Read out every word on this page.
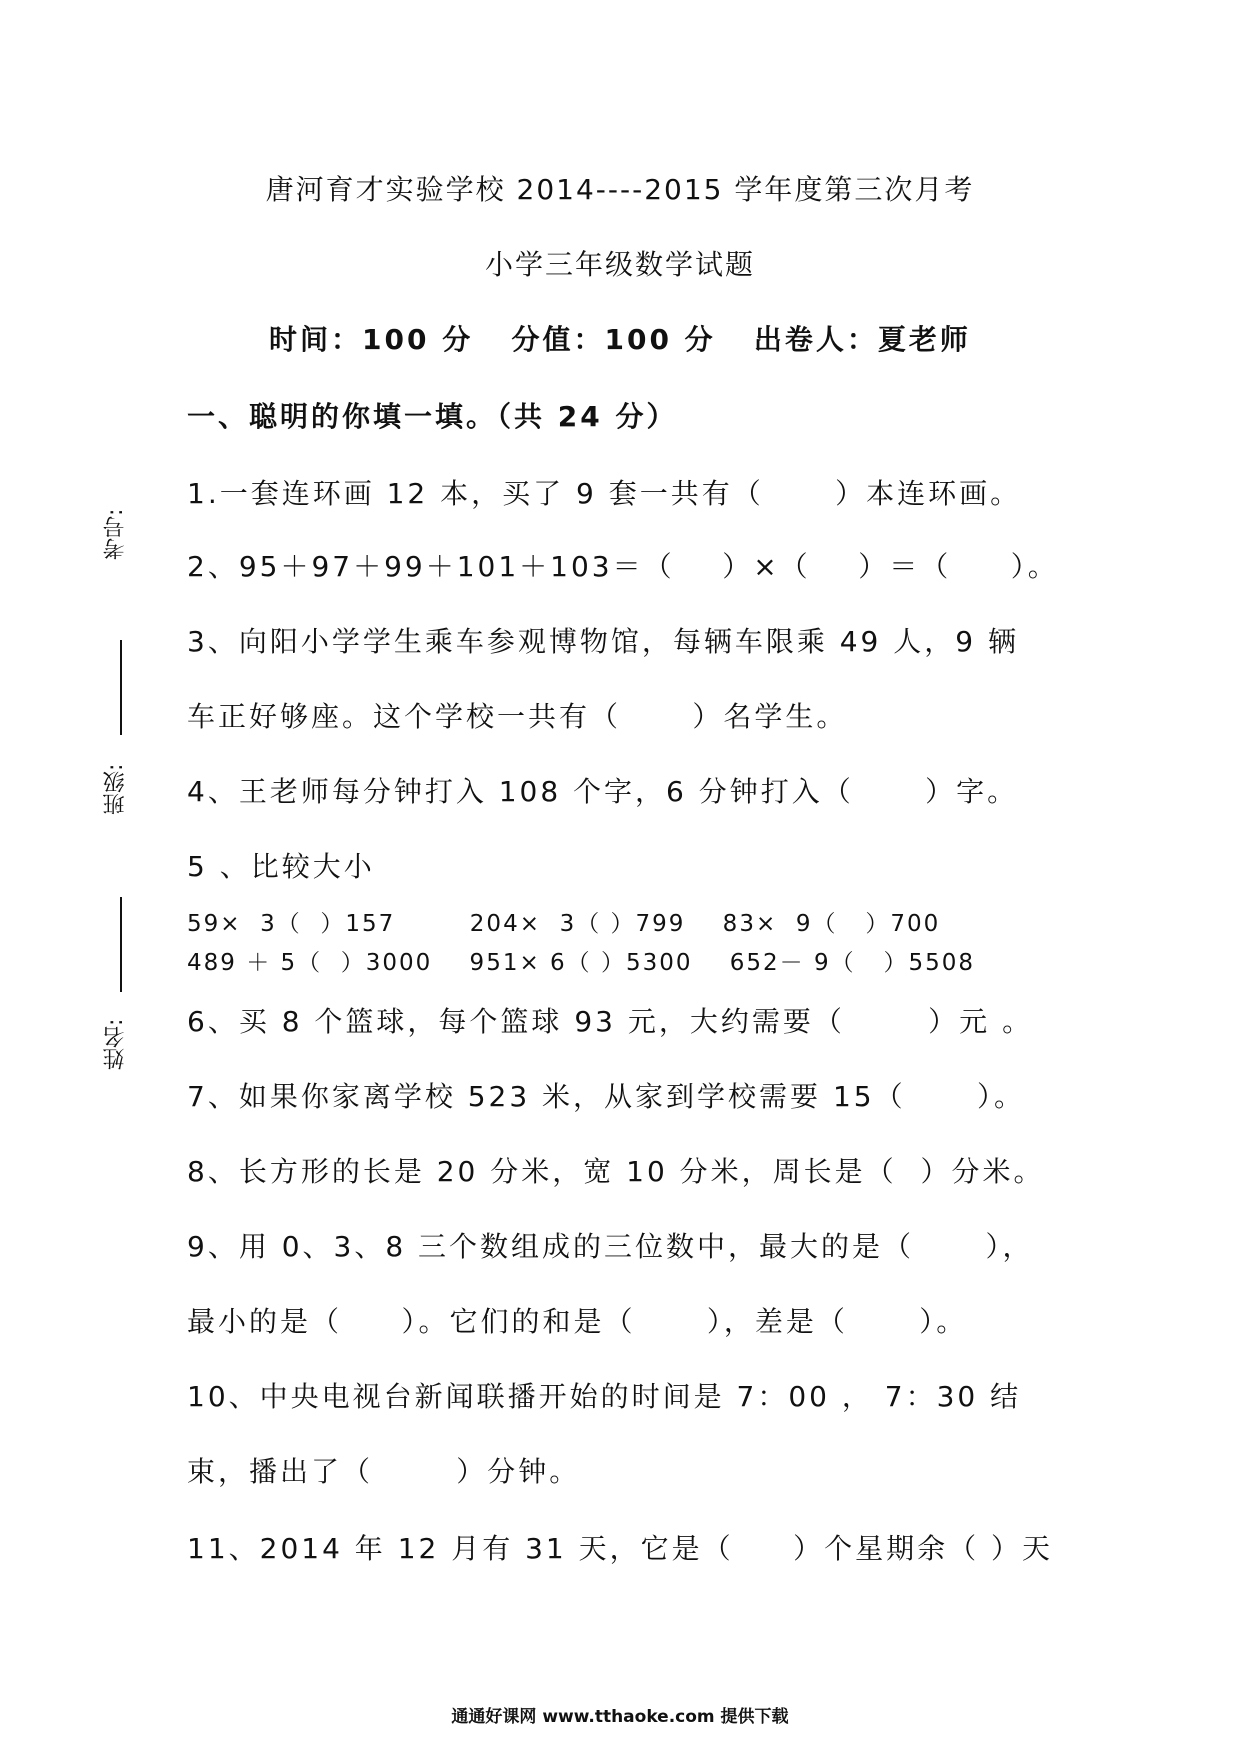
唐河育才实验学校 2014----2015 学年度第三次月考
小学三年级数学试题
时间：100 分   分值：100 分   出卷人：夏老师
考号:
班级:
姓名:
一、聪明的你填一填。（共 24 分）
1.一套连环画 12 本，买了 9 套一共有（      ）本连环画。
2、95＋97＋99＋101＋103＝（    ）×（    ）＝（     ）。
3、向阳小学学生乘车参观博物馆，每辆车限乘 49 人，9 辆
车正好够座。这个学校一共有（      ）名学生。
4、王老师每分钟打入 108 个字，6 分钟打入（      ）字。
5 、比较大小
59×  3（  ）157        204×  3（ ）799    83×  9（   ）700
489 ＋ 5（  ）3000    951× 6（ ）5300    652－ 9（   ）5508
6、买 8 个篮球，每个篮球 93 元，大约需要（       ）元 。
7、如果你家离学校 523 米，从家到学校需要 15（      ）。
8、长方形的长是 20 分米，宽 10 分米，周长是（  ）分米。
9、用 0、3、8 三个数组成的三位数中，最大的是（      ），
最小的是（     ）。它们的和是（      ），差是（      ）。
10、中央电视台新闻联播开始的时间是 7：00 ， 7：30 结
束，播出了（       ）分钟。
11、2014 年 12 月有 31 天，它是（     ）个星期余（ ）天
通通好课网 www.tthaoke.com 提供下载
